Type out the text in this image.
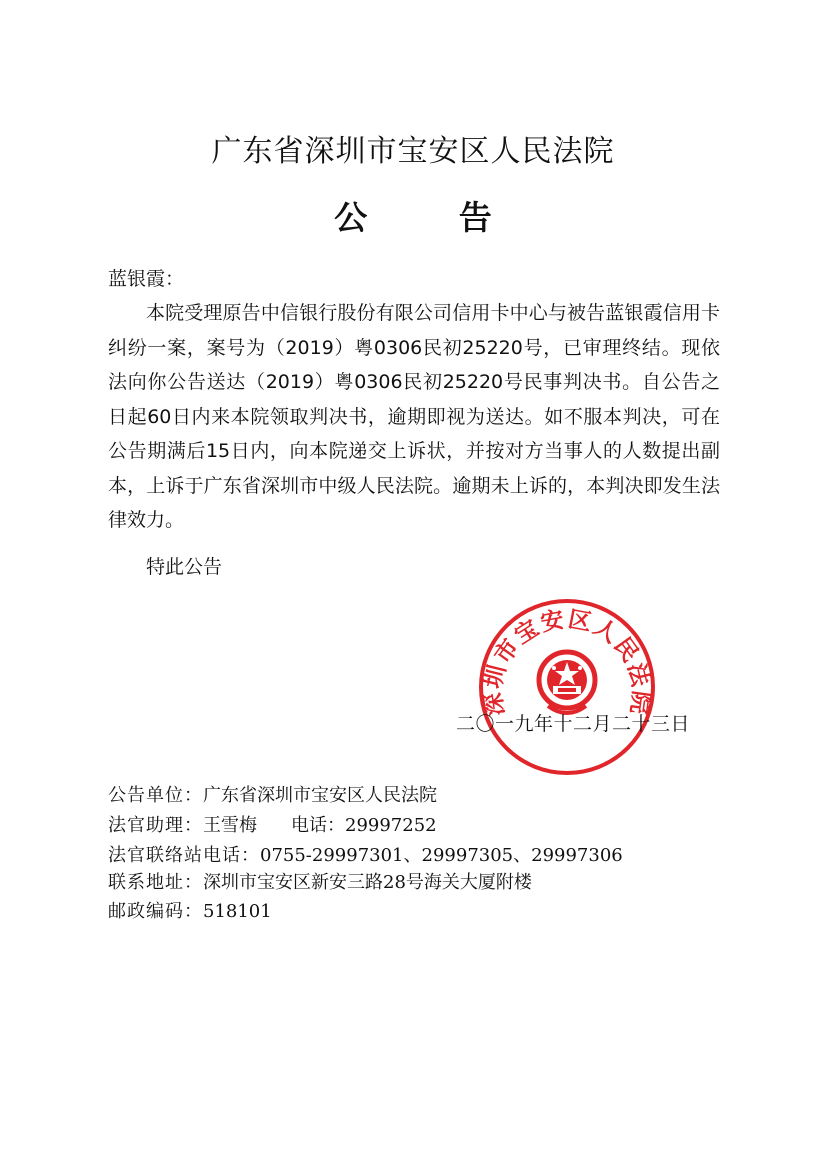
广东省深圳市宝安区人民法院
公 告
蓝银霞：
本院受理原告中信银行股份有限公司信用卡中心与被告蓝银霞信用卡纠纷一案，案号为（2019）粤0306民初25220号，已审理终结。现依法向你公告送达（2019）粤0306民初25220号民事判决书。自公告之日起60日内来本院领取判决书，逾期即视为送达。如不服本判决，可在公告期满后15日内，向本院递交上诉状，并按对方当事人的人数提出副本，上诉于广东省深圳市中级人民法院。逾期未上诉的，本判决即发生法律效力。
特此公告
深圳市宝安区人民法院
二〇一九年十二月二十三日
公告单位：广东省深圳市宝安区人民法院
法官助理：王雪梅 电话：29997252
法官联络站电话：0755-29997301、29997305、29997306
联系地址：深圳市宝安区新安三路28号海关大厦附楼
邮政编码：518101
